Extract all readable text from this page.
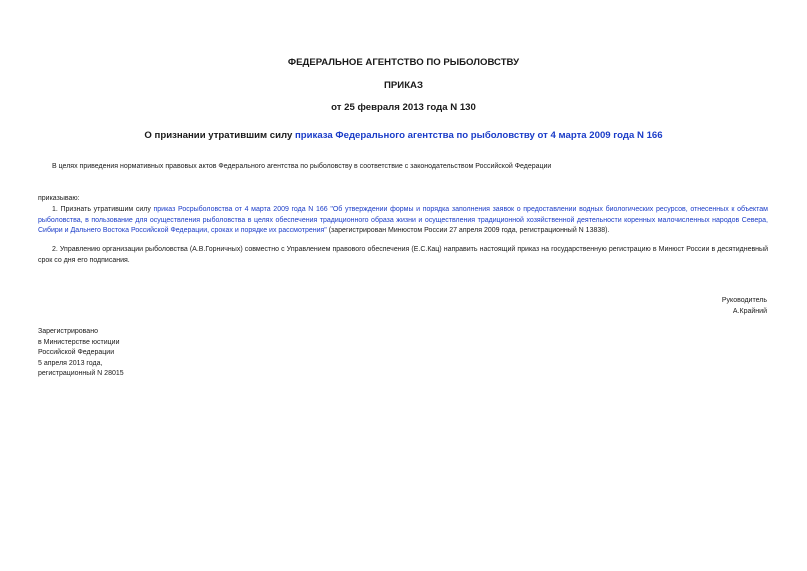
ФЕДЕРАЛЬНОЕ АГЕНТСТВО ПО РЫБОЛОВСТВУ
ПРИКАЗ
от 25 февраля 2013 года N 130
О признании утратившим силу приказа Федерального агентства по рыболовству от 4 марта 2009 года N 166
В целях приведения нормативных правовых актов Федерального агентства по рыболовству в соответствие с законодательством Российской Федерации
приказываю:
1. Признать утратившим силу приказ Росрыболовства от 4 марта 2009 года N 166 "Об утверждении формы и порядка заполнения заявок о предоставлении водных биологических ресурсов, отнесенных к объектам рыболовства, в пользование для осуществления рыболовства в целях обеспечения традиционного образа жизни и осуществления традиционной хозяйственной деятельности коренных малочисленных народов Севера, Сибири и Дальнего Востока Российской Федерации, сроках и порядке их рассмотрения" (зарегистрирован Минюстом России 27 апреля 2009 года, регистрационный N 13838).
2. Управлению организации рыболовства (А.В.Горничных) совместно с Управлением правового обеспечения (Е.С.Кац) направить настоящий приказ на государственную регистрацию в Минюст России в десятидневный срок со дня его подписания.
Руководитель
А.Крайний
Зарегистрировано
в Министерстве юстиции
Российской Федерации
5 апреля 2013 года,
регистрационный N 28015
